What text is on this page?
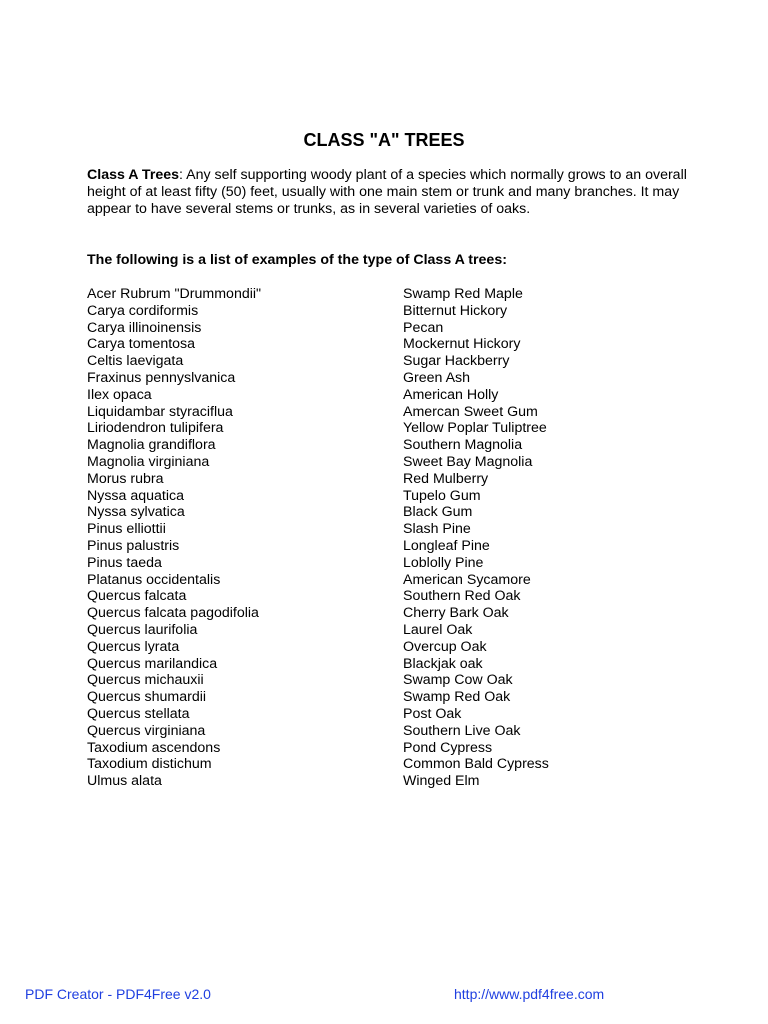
CLASS "A" TREES

Class A Trees: Any self supporting woody plant of a species which normally grows to an overall height of at least fifty (50) feet, usually with one main stem or trunk and many branches. It may appear to have several stems or trunks, as in several varieties of oaks.

The following is a list of examples of the type of Class A trees:

Acer Rubrum "Drummondii"	Swamp Red Maple
Carya cordiformis	Bitternut Hickory
Carya illinoinensis	Pecan
Carya tomentosa	Mockernut Hickory
Celtis laevigata	Sugar Hackberry
Fraxinus pennyslvanica	Green Ash
Ilex opaca	American Holly
Liquidambar styraciflua	Amercan Sweet Gum
Liriodendron tulipifera	Yellow Poplar Tuliptree
Magnolia grandiflora	Southern Magnolia
Magnolia virginiana	Sweet Bay Magnolia
Morus rubra	Red Mulberry
Nyssa aquatica	Tupelo Gum
Nyssa sylvatica	Black Gum
Pinus elliottii	Slash Pine
Pinus palustris	Longleaf Pine
Pinus taeda	Loblolly Pine
Platanus occidentalis	American Sycamore
Quercus falcata	Southern Red Oak
Quercus falcata pagodifolia	Cherry Bark Oak
Quercus laurifolia	Laurel Oak
Quercus lyrata	Overcup Oak
Quercus marilandica	Blackjak oak
Quercus michauxii	Swamp Cow Oak
Quercus shumardii	Swamp Red Oak
Quercus stellata	Post Oak
Quercus virginiana	Southern Live Oak
Taxodium ascendons	Pond Cypress
Taxodium distichum	Common Bald Cypress
Ulmus alata	Winged Elm
PDF Creator - PDF4Free v2.0	http://www.pdf4free.com
